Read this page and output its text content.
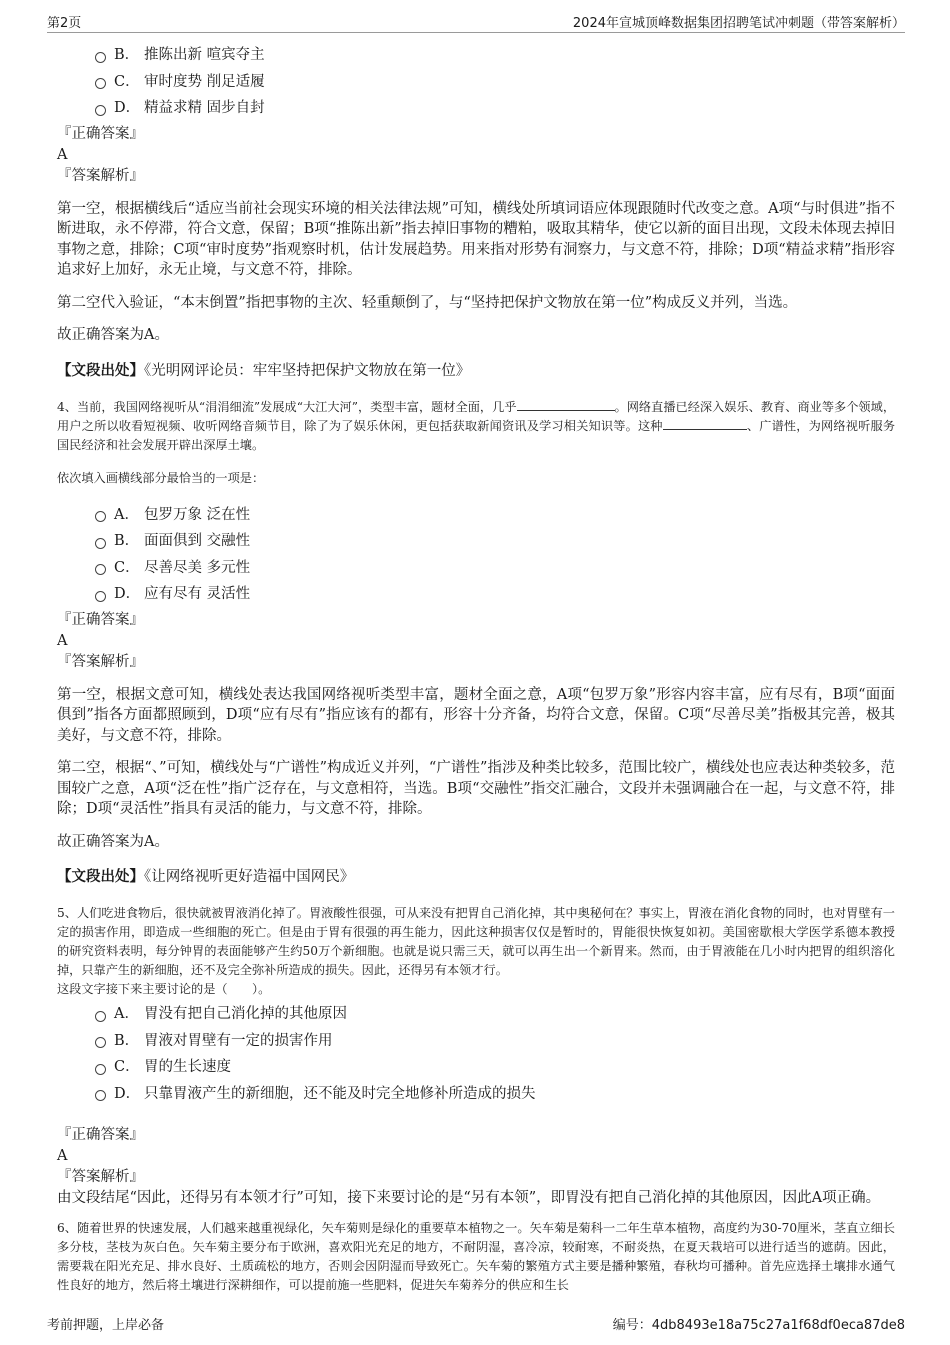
第2页	2024年宣城顶峰数据集团招聘笔试冲刺题（带答案解析）
B． 推陈出新 喧宾夺主
C． 审时度势 削足适履
D． 精益求精 固步自封
『正确答案』
A
『答案解析』

第一空，根据横线后“适应当前社会现实环境的相关法律法规”可知，横线处所填词语应体现跟随时代改变之意。A项“与时俱进”指不断进取，永不停滞，符合文意，保留；B项“推陈出新”指去掉旧事物的糟粕，吸取其精华，使它以新的面目出现，文段未体现去掉旧事物之意，排除；C项“审时度势”指观察时机，估计发展趋势。用来指对形势有洞察力，与文意不符，排除；D项“精益求精”指形容追求好上加好，永无止境，与文意不符，排除。

第二空代入验证，“本末倒置”指把事物的主次、轻重颠倒了，与“坚持把保护文物放在第一位”构成反义并列，当选。

故正确答案为A。

【文段出处】《光明网评论员：牢牢坚持把保护文物放在第一位》
4、当前，我国网络视听从“涓涓细流”发展成“大江大河”，类型丰富，题材全面，几乎	。网络直播已经深入娱乐、教育、商业等多个领域，用户之所以收看短视频、收听网络音频节目，除了为了娱乐休闲，更包括获取新闻资讯及学习相关知识等。这种	、广谱性，为网络视听服务国民经济和社会发展开辟出深厚土壤。
依次填入画横线部分最恰当的一项是：
A． 包罗万象 泛在性
B． 面面俱到 交融性
C． 尽善尽美 多元性
D． 应有尽有 灵活性
『正确答案』
A
『答案解析』

第一空，根据文意可知，横线处表达我国网络视听类型丰富，题材全面之意，A项“包罗万象”形容内容丰富，应有尽有，B项“面面俱到”指各方面都照顾到，D项“应有尽有”指应该有的都有，形容十分齐备，均符合文意，保留。C项“尽善尽美”指极其完善，极其美好，与文意不符，排除。

第二空，根据“、”可知，横线处与“广谱性”构成近义并列，“广谱性”指涉及种类比较多，范围比较广，横线处也应表达种类较多，范围较广之意，A项“泛在性”指广泛存在，与文意相符，当选。B项“交融性”指交汇融合，文段并未强调融合在一起，与文意不符，排除；D项“灵活性”指具有灵活的能力，与文意不符，排除。

故正确答案为A。

【文段出处】《让网络视听更好造福中国网民》
5、人们吃进食物后，很快就被胃液消化掉了。胃液酸性很强，可从来没有把胃自己消化掉，其中奥秘何在？事实上，胃液在消化食物的同时，也对胃壁有一定的损害作用，即造成一些细胞的死亡。但是由于胃有很强的再生能力，因此这种损害仅仅是暂时的，胃能很快恢复如初。美国密歇根大学医学系德本教授的研究资料表明，每分钟胃的表面能够产生约50万个新细胞。也就是说只需三天，就可以再生出一个新胃来。然而，由于胃液能在几小时内把胃的组织溶化掉，只靠产生的新细胞，还不及完全弥补所造成的损失。因此，还得另有本领才行。
这段文字接下来主要讨论的是（　　）。
A． 胃没有把自己消化掉的其他原因
B． 胃液对胃壁有一定的损害作用
C． 胃的生长速度
D． 只靠胃液产生的新细胞，还不能及时完全地修补所造成的损失
『正确答案』
A
『答案解析』

由文段结尾“因此，还得另有本领才行”可知，接下来要讨论的是“另有本领”，即胃没有把自己消化掉的其他原因，因此A项正确。

6、随着世界的快速发展，人们越来越重视绿化，矢车菊则是绿化的重要草本植物之一。矢车菊是菊科一二年生草本植物，高度约为30-70厘米，茎直立细长多分枝，茎枝为灰白色。矢车菊主要分布于欧洲，喜欢阳光充足的地方，不耐阴湿，喜冷凉，较耐寒，不耐炎热，在夏天栽培可以进行适当的遮荫。因此，需要栽在阳光充足、排水良好、土质疏松的地方，否则会因阴湿而导致死亡。矢车菊的繁殖方式主要是播种繁殖，春秋均可播种。首先应选择土壤排水通气性良好的地方，然后将土壤进行深耕细作，可以提前施一些肥料，促进矢车菊养分的供应和生长
考前押题，上岸必备	编号：4db8493e18a75c27a1f68df0eca87de8
